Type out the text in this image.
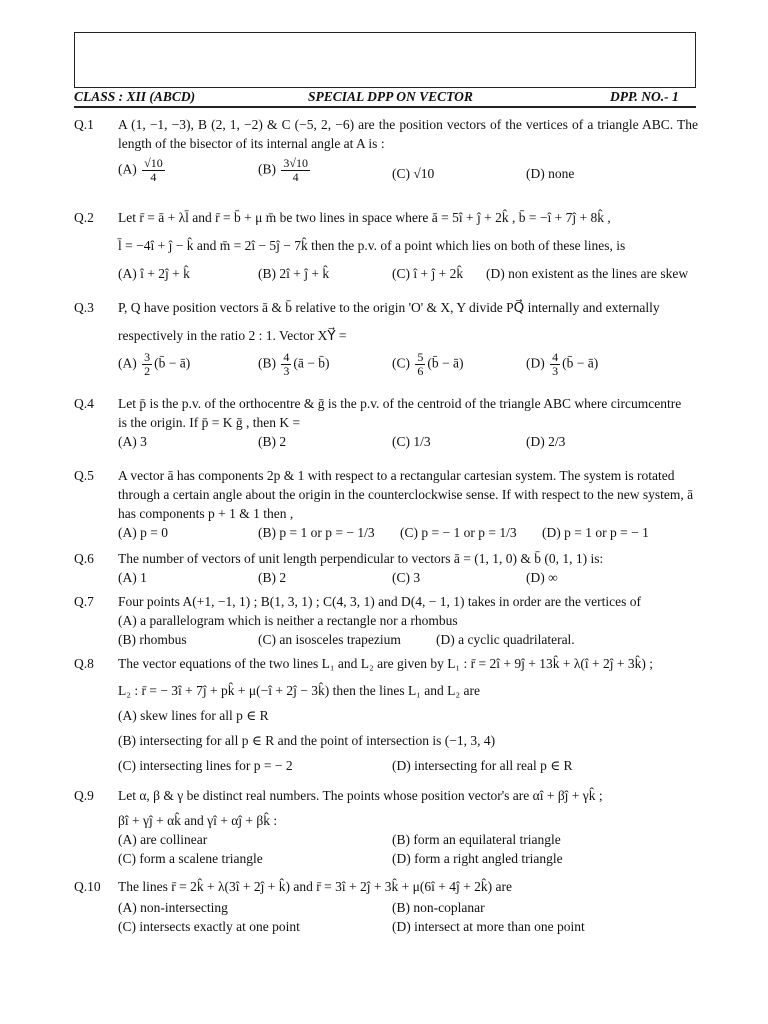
CLASS : XII (ABCD)	SPECIAL DPP ON VECTOR	DPP. NO.- 1
Q.1	A (1, −1, −3), B (2, 1, −2) & C (−5, 2, −6) are the position vectors of the vertices of a triangle ABC. The length of the bisector of its internal angle at A is :
$(A) \frac{√10}{4}$	$(B) \frac{3√10}{4}$	(C) √10	(D) none
Q.2	Let r̄ = ā + λl̄ and r̄ = b̄ + μ m̄ be two lines in space where ā = 5î + ĵ + 2k̂ , b̄ = −î + 7ĵ + 8k̂ ,
l̄ = −4î + ĵ − k̂ and m̄ = 2î − 5ĵ − 7k̂ then the p.v. of a point which lies on both of these lines, is
(A) î + 2ĵ + k̂	(B) 2î + ĵ + k̂	(C) î + ĵ + 2k̂ (D) non existent as the lines are skew
Q.3	P, Q have position vectors ā & b̄ relative to the origin 'O' & X, Y divide PQ⃗ internally and externally
respectively in the ratio 2 : 1. Vector XY⃗ =
$(A) \frac{3}{2}$ (b̄ − ā)	$(B) \frac{4}{3}$ (ā − b̄)	$(C) \frac{5}{6}$ (b̄ − ā)	$(D) \frac{4}{3}$ (b̄ − ā)
Q.4	Let p̄ is the p.v. of the orthocentre & ḡ is the p.v. of the centroid of the triangle ABC where circumcentre
is the origin. If p̄ = K ḡ , then K =
(A) 3	(B) 2	(C) 1/3	(D) 2/3
Q.5	A vector ā has components 2p & 1 with respect to a rectangular cartesian system. The system is rotated
through a certain angle about the origin in the counterclockwise sense. If with respect to the new system, ā
has components p + 1 & 1 then ,
(A) p = 0	(B) p = 1 or p = − 1/3 (C) p = − 1 or p = 1/3 (D) p = 1 or p = − 1
Q.6	The number of vectors of unit length perpendicular to vectors ā = (1, 1, 0) & b̄ (0, 1, 1) is:
(A) 1	(B) 2	(C) 3	(D) ∞
Q.7	Four points A(+1, −1, 1) ; B(1, 3, 1) ; C(4, 3, 1) and D(4, − 1, 1) takes in order are the vertices of
(A) a parallelogram which is neither a rectangle nor a rhombus
(B) rhombus	(C) an isosceles trapezium	(D) a cyclic quadrilateral.
Q.8	The vector equations of the two lines L₁ and L₂ are given by L₁ : r̄ = 2î + 9ĵ + 13k̂ + λ(î + 2ĵ + 3k̂) ;
L₂ : r̄ = − 3î + 7ĵ + pk̂ + μ(−î + 2ĵ − 3k̂) then the lines L₁ and L₂ are
(A) skew lines for all p ∈ R
(B) intersecting for all p ∈ R and the point of intersection is (−1, 3, 4)
(C) intersecting lines for p = − 2	(D) intersecting for all real p ∈ R
Q.9	Let α, β & γ be distinct real numbers. The points whose position vector's are αî + βĵ + γk̂ ;
βî + γĵ + αk̂ and γî + αĵ + βk̂ :
(A) are collinear	(B) form an equilateral triangle
(C) form a scalene triangle	(D) form a right angled triangle
Q.10	The lines r̄ = 2k̂ + λ(3î + 2ĵ + k̂) and r̄ = 3î + 2ĵ + 3k̂ + μ(6î + 4ĵ + 2k̂) are
(A) non-intersecting	(B) non-coplanar
(C) intersects exactly at one point	(D) intersect at more than one point
